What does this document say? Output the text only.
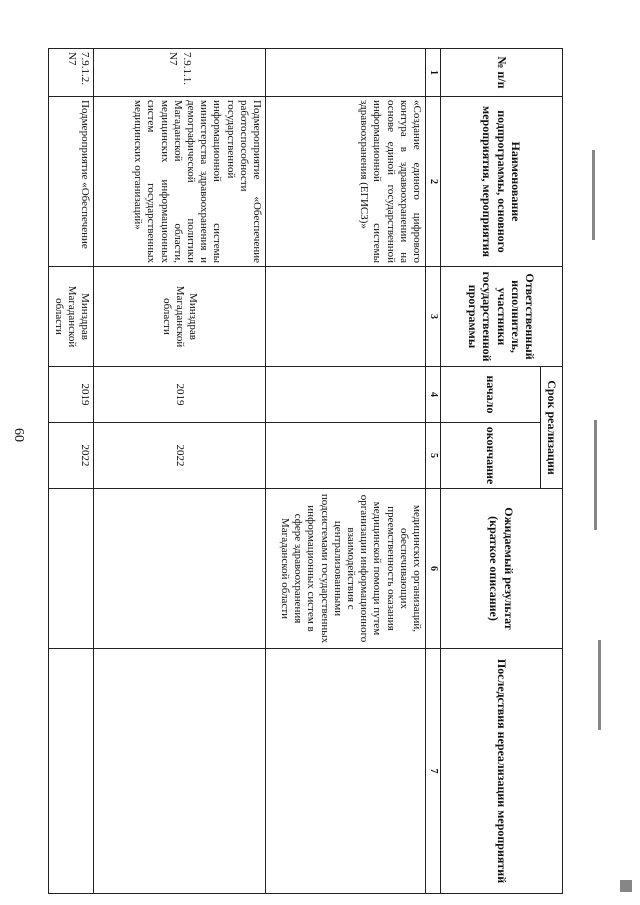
60
№ п/п	Наименование подпрограммы, основного мероприятия, мероприятия	Ответственный исполнитель, участники государственной программы	Срок реализации		Ожидаемый результат (краткое описание)	Последствия нереализации мероприятий
			начало	окончание		
1	2	3	4	5	6	7
	«Создание единого цифрового контура в здравоохранении на основе единой государственной информационной системы здравоохранения (ЕГИСЗ)»				медицинских организаций, обеспечивающих преемственность оказания медицинской помощи путем организации информационного взаимодействия с централизованными подсистемами государственных информационных систем в сфере здравоохранения Магаданской области	
7.9.1.1. N7	Подмероприятие «Обеспечение работоспособности государственной информационной системы министерства здравоохранения и демографической политики Магаданской области, медицинских информационных систем государственных медицинских организаций»	Минздрав Магаданской области	2019	2022		
7.9.1.2. N7	Подмероприятие «Обеспечение	Минздрав Магаданской области	2019	2022		
